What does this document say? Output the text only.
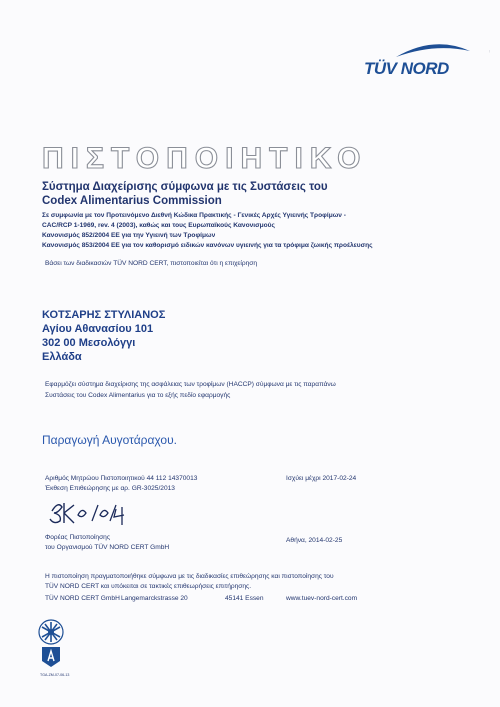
TÜV NORD
|
ΠΙΣΤΟΠΟΙΗΤΙΚΟ
Σύστημα Διαχείρισης σύμφωνα με τις Συστάσεις του
Codex Alimentarius Commission
Σε συμφωνία με τον Προτεινόμενο Διεθνή Κώδικα Πρακτικής - Γενικές Αρχές Υγιεινής Τροφίμων -
CAC/RCP 1-1969, rev. 4 (2003), καθώς και τους Ευρωπαϊκούς Κανονισμούς
Κανονισμός 852/2004 ΕΕ για την Υγιεινή των Τροφίμων
Κανονισμός 853/2004 ΕΕ για τον καθορισμό ειδικών κανόνων υγιεινής για τα τρόφιμα ζωικής προέλευσης
Βάσει των διαδικασιών TÜV NORD CERT, πιστοποιείται ότι η επιχείρηση
ΚΟΤΣΑΡΗΣ ΣΤΥΛΙΑΝΟΣ
Αγίου Αθανασίου 101
302 00 Μεσολόγγι
Ελλάδα
Εφαρμόζει σύστημα διαχείρισης της ασφάλειας των τροφίμων (HACCP) σύμφωνα με τις παραπάνω
Συστάσεις του Codex Alimentarius για το εξής πεδίο εφαρμογής
Παραγωγή Αυγοτάραχου.
Αριθμός Μητρώου Πιστοποιητικού 44 112 14370013
Έκθεση Επιθεώρησης με αρ. GR-3025/2013
Ισχύει μέχρι 2017-02-24
Φορέας Πιστοποίησης
του Οργανισμού TÜV NORD CERT GmbH
Αθήνα, 2014-02-25
Η πιστοποίηση πραγματοποιήθηκε σύμφωνα με τις διαδικασίες επιθεώρησης και πιστοποίησης του
TÜV NORD CERT και υπόκειται σε τακτικές επιθεωρήσεις επιτήρησης.
TÜV NORD CERT GmbH Langemarckstrasse 20	45141 Essen	www.tuev-nord-cert.com
TGA-ZM-07-06-13
